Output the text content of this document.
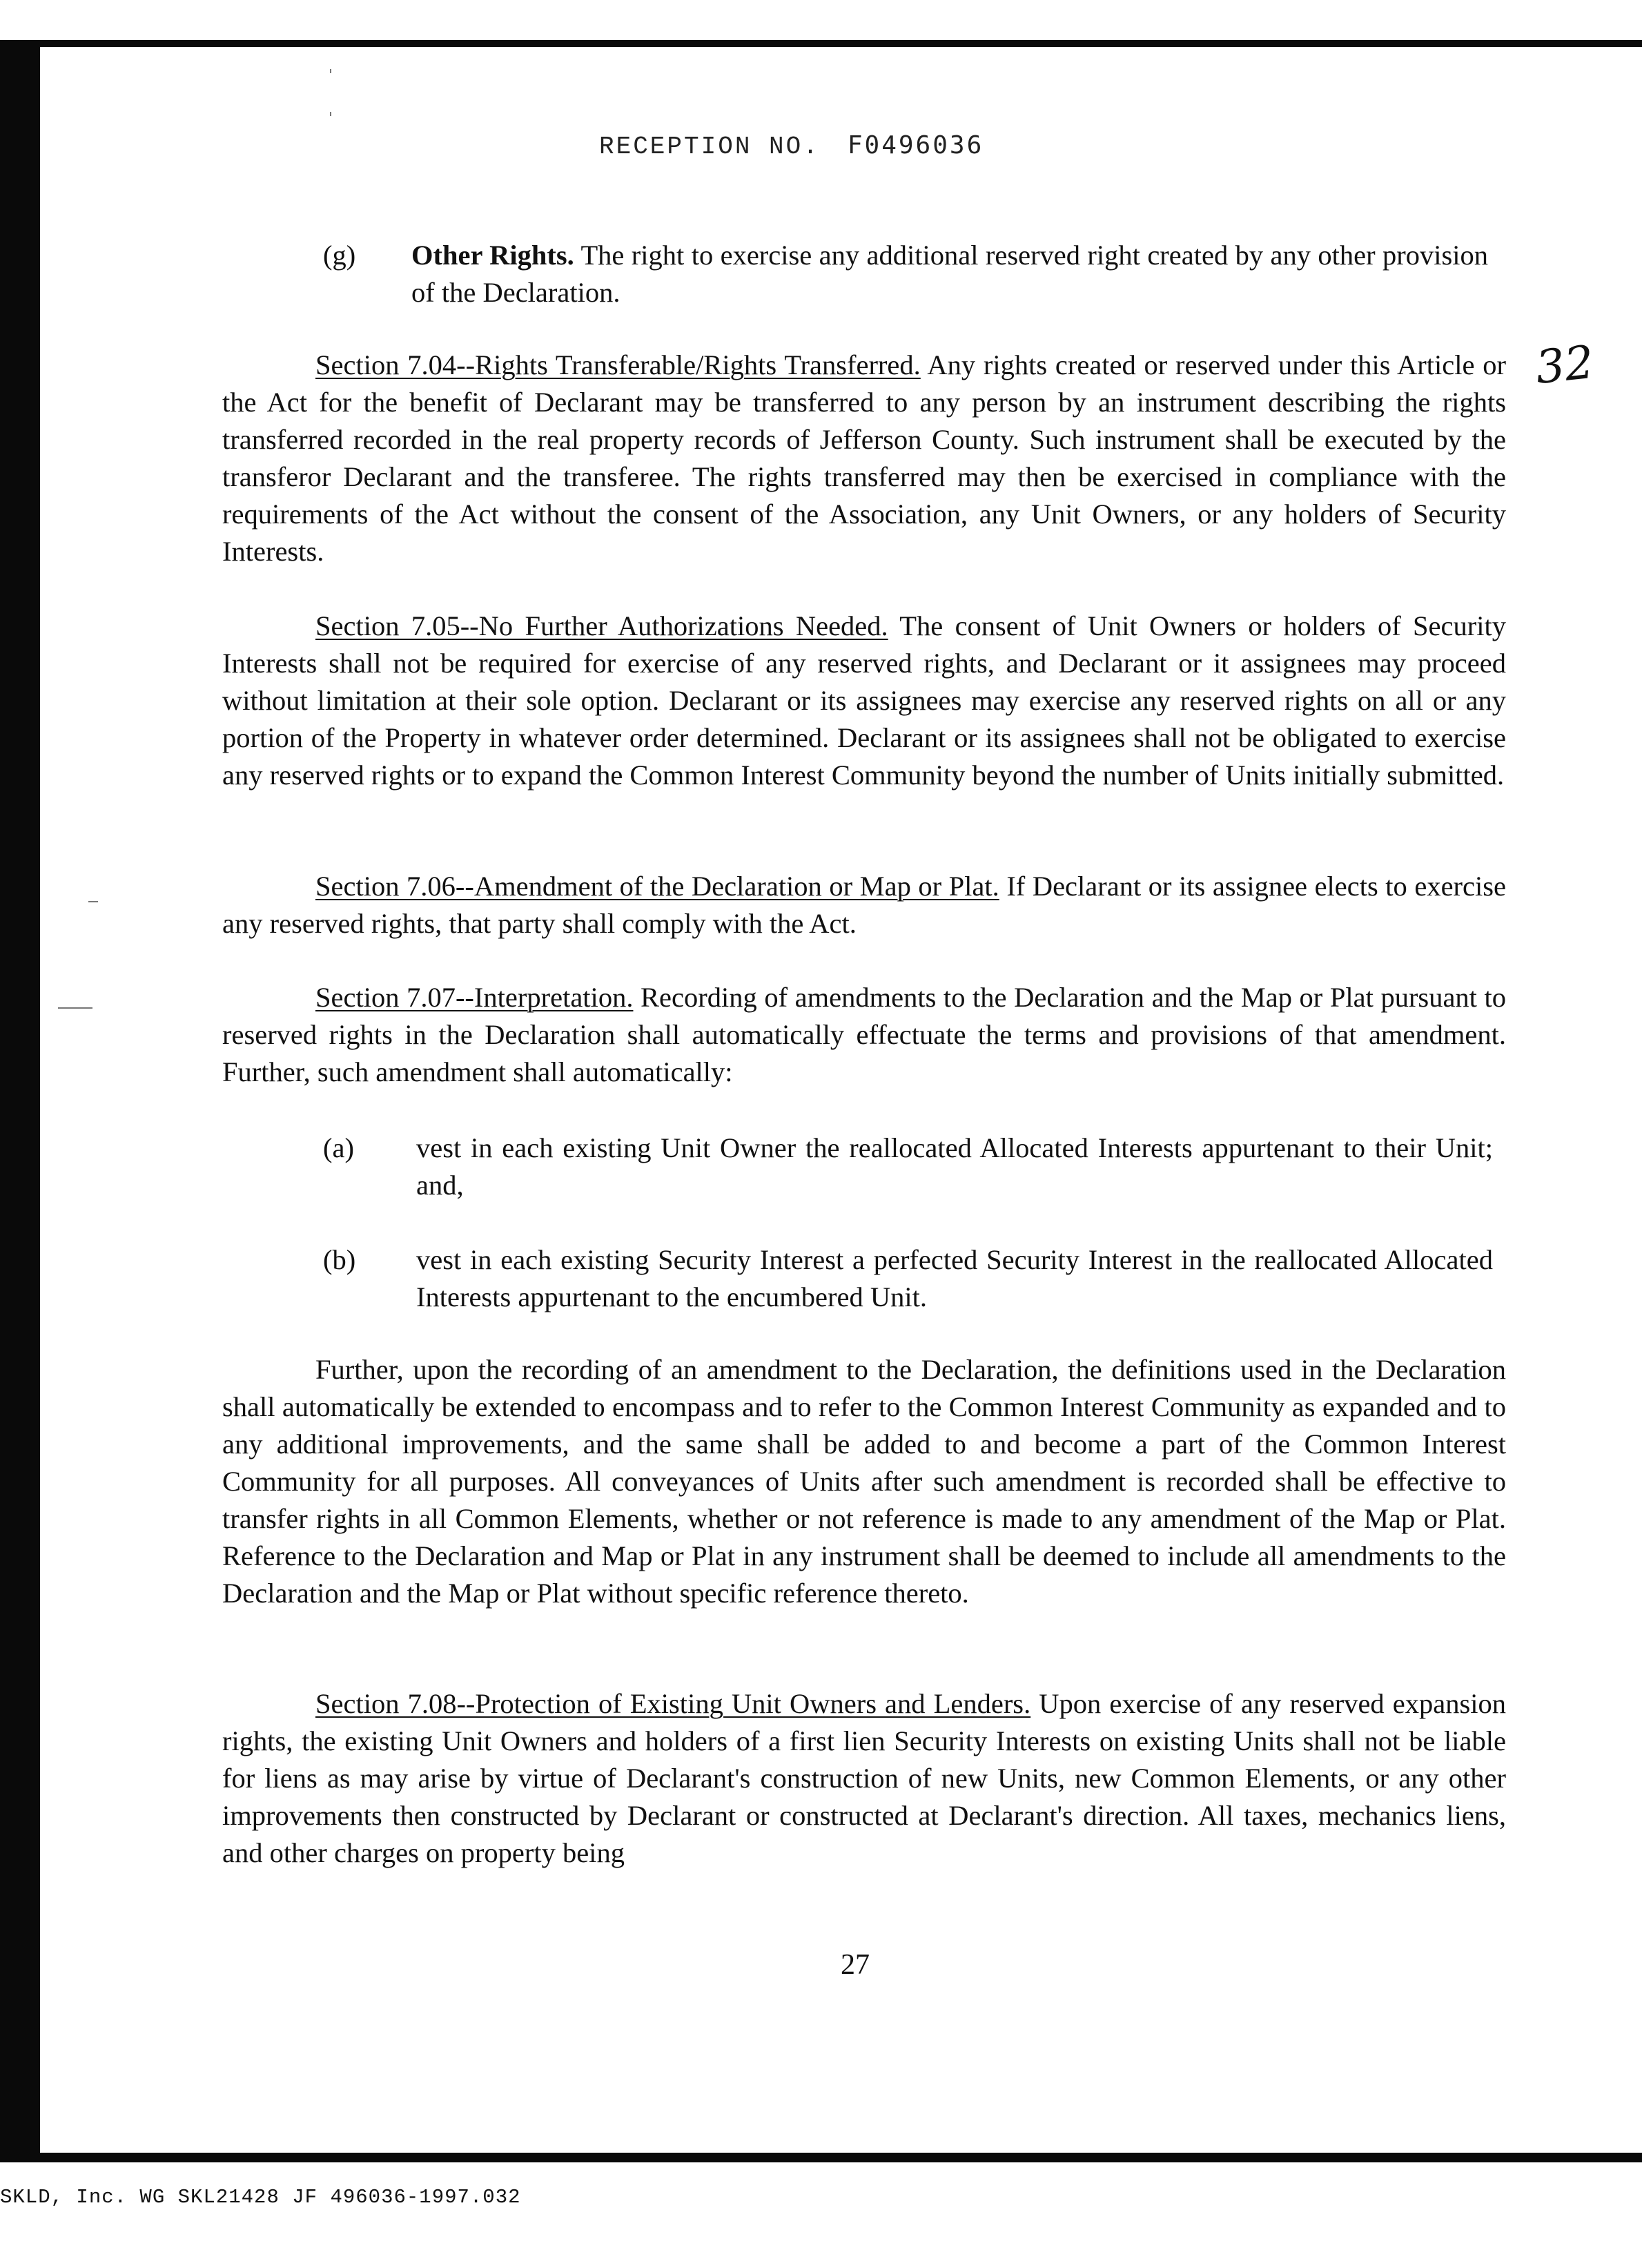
RECEPTION NO. F0496036
32
(g) Other Rights. The right to exercise any additional reserved right created by any other provision of the Declaration.

Section 7.04--Rights Transferable/Rights Transferred. Any rights created or reserved under this Article or the Act for the benefit of Declarant may be transferred to any person by an instrument describing the rights transferred recorded in the real property records of Jefferson County. Such instrument shall be executed by the transferor Declarant and the transferee. The rights transferred may then be exercised in compliance with the requirements of the Act without the consent of the Association, any Unit Owners, or any holders of Security Interests.

Section 7.05--No Further Authorizations Needed. The consent of Unit Owners or holders of Security Interests shall not be required for exercise of any reserved rights, and Declarant or it assignees may proceed without limitation at their sole option. Declarant or its assignees may exercise any reserved rights on all or any portion of the Property in whatever order determined. Declarant or its assignees shall not be obligated to exercise any reserved rights or to expand the Common Interest Community beyond the number of Units initially submitted.

Section 7.06--Amendment of the Declaration or Map or Plat. If Declarant or its assignee elects to exercise any reserved rights, that party shall comply with the Act.

Section 7.07--Interpretation. Recording of amendments to the Declaration and the Map or Plat pursuant to reserved rights in the Declaration shall automatically effectuate the terms and provisions of that amendment. Further, such amendment shall automatically:

(a) vest in each existing Unit Owner the reallocated Allocated Interests appurtenant to their Unit; and,
(b) vest in each existing Security Interest a perfected Security Interest in the reallocated Allocated Interests appurtenant to the encumbered Unit.

Further, upon the recording of an amendment to the Declaration, the definitions used in the Declaration shall automatically be extended to encompass and to refer to the Common Interest Community as expanded and to any additional improvements, and the same shall be added to and become a part of the Common Interest Community for all purposes. All conveyances of Units after such amendment is recorded shall be effective to transfer rights in all Common Elements, whether or not reference is made to any amendment of the Map or Plat. Reference to the Declaration and Map or Plat in any instrument shall be deemed to include all amendments to the Declaration and the Map or Plat without specific reference thereto.

Section 7.08--Protection of Existing Unit Owners and Lenders. Upon exercise of any reserved expansion rights, the existing Unit Owners and holders of a first lien Security Interests on existing Units shall not be liable for liens as may arise by virtue of Declarant's construction of new Units, new Common Elements, or any other improvements then constructed by Declarant or constructed at Declarant's direction. All taxes, mechanics liens, and other charges on property being

27
SKLD, Inc. WG SKL21428 JF 496036-1997.032
